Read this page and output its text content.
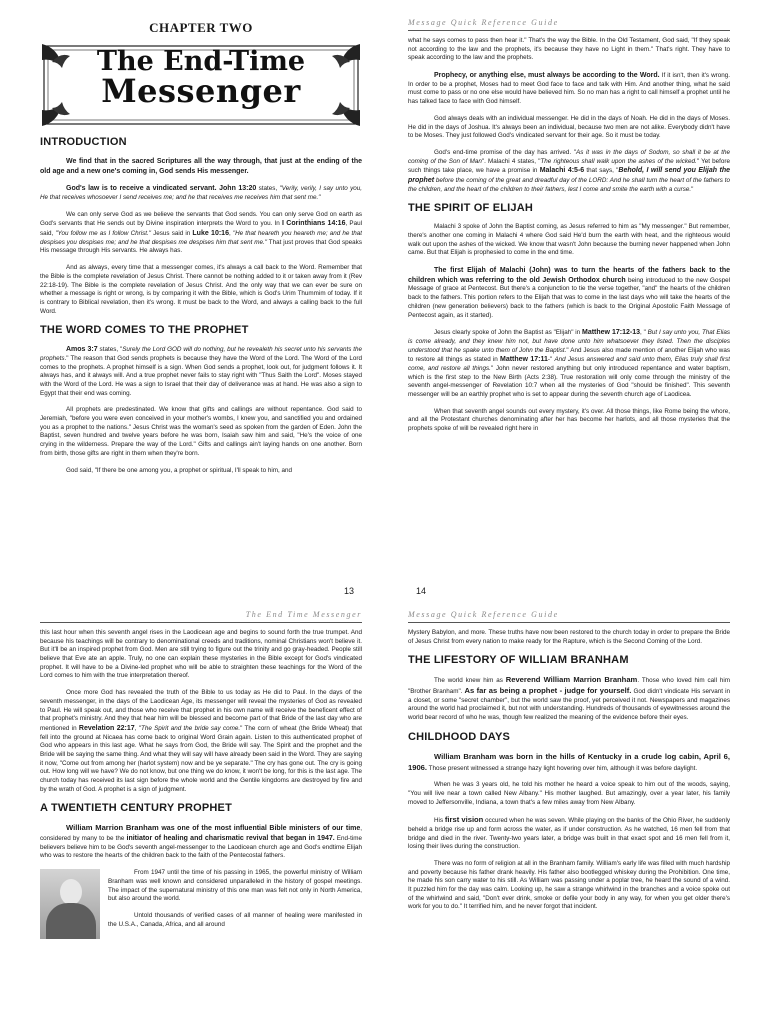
CHAPTER TWO
The End-Time
Messenger
INTRODUCTION

We find that in the sacred Scriptures all the way through, that just at the ending of the old age and a new one's coming in, God sends His messenger.

God's law is to receive a vindicated servant. John 13:20 states, "Verily, verily, I say unto you, He that receives whosoever I send receives me; and he that receives me receives him that sent me."

We can only serve God as we believe the servants that God sends. You can only serve God on earth as God's servants that He sends out by Divine inspiration interprets the Word to you. In I Corinthians 14:16, Paul said, "You follow me as I follow Christ." Jesus said in Luke 10:16, "He that heareth you heareth me; and he that despises you despises me; and he that despises me despises him that sent me." That just proves that God speaks His message through His servants. He always has.

And as always, every time that a messenger comes, it's always a call back to the Word. Remember that the Bible is the complete revelation of Jesus Christ. There cannot be nothing added to it or taken away from it (Rev 22:18-19). The Bible is the complete revelation of Jesus Christ. And the only way that we can ever be sure on whether a message is right or wrong, is by comparing it with the Bible, which is God's Urim Thummim of today. If it is contrary to Biblical revelation, then it's wrong. It must be back to the Word, and always a calling back to the full Word.

THE WORD COMES TO THE PROPHET

Amos 3:7 states, "Surely the Lord GOD will do nothing, but he revealeth his secret unto his servants the prophets." The reason that God sends prophets is because they have the Word of the Lord. The Word of the Lord comes to the prophets. A prophet himself is a sign. When God sends a prophet, look out, for judgment follows it. It always has, and it always will. And a true prophet never fails to stay right with "Thus Saith the Lord". Moses stayed with the Word of the Lord. He was a sign to Israel that their day of deliverance was at hand. He was also a sign to Egypt that their end was coming.

All prophets are predestinated. We know that gifts and callings are without repentance. God said to Jeremiah, "before you were even conceived in your mother's wombs, I knew you, and sanctified you and ordained you as a prophet to the nations." Jesus Christ was the woman's seed as spoken from the garden of Eden. John the Baptist, seven hundred and twelve years before he was born, Isaiah saw him and said, "He's the voice of one crying in the wilderness. Prepare the way of the Lord." Gifts and callings ain't laying hands on one another. Born from birth, those gifts are right in them when they're born.

God said, "If there be one among you, a prophet or spiritual, I'll speak to him, and

13
Message Quick Reference Guide

what he says comes to pass then hear it." That's the way the Bible. In the Old Testament, God said, "If they speak not according to the law and the prophets, it's because they have no Light in them." That's right. They have to speak according to the law and the prophets.

Prophecy, or anything else, must always be according to the Word. If it isn't, then it's wrong. In order to be a prophet, Moses had to meet God face to face and talk with Him. And another thing, what he said must come to pass or no one else would have believed him. So no man has a right to call himself a prophet until he has talked face to face with God himself.

God always deals with an individual messenger. He did in the days of Noah. He did in the days of Moses. He did in the days of Joshua. It's always been an individual, because two men are not alike. Everybody didn't have to be Moses. They just followed God's vindicated servant for their age. So it must be today.

God's end-time promise of the day has arrived. "As it was in the days of Sodom, so shall it be at the coming of the Son of Man". Malachi 4 states, "The righteous shall walk upon the ashes of the wicked." Yet before such things take place, we have a promise in Malachi 4:5-6 that says, "Behold, I will send you Elijah the prophet before the coming of the great and dreadful day of the LORD: And he shall turn the heart of the fathers to the children, and the heart of the children to their fathers, lest I come and smite the earth with a curse."

THE SPIRIT OF ELIJAH

Malachi 3 spoke of John the Baptist coming, as Jesus referred to him as "My messenger." But remember, there's another one coming in Malachi 4 where God said He'd burn the earth with heat, and the righteous would walk out upon the ashes of the wicked. We know that wasn't John because the burning never happened when John came. But that Elijah is prophesied to come in the end time.

The first Elijah of Malachi (John) was to turn the hearts of the fathers back to the children which was referring to the old Jewish Orthodox church being introduced to the new Gospel Message of grace at Pentecost. But there's a conjunction to tie the verse together, "and" the hearts of the children back to the fathers. This portion refers to the Elijah that was to come in the last days who will take the hearts of the children (new generation believers) back to the fathers (which is back to the Original Apostolic Faith Message of Pentecost again, as it started).

Jesus clearly spoke of John the Baptist as "Elijah" in Matthew 17:12-13, " But I say unto you, That Elias is come already, and they knew him not, but have done unto him whatsoever they listed. Then the disciples understood that he spake unto them of John the Baptist." And Jesus also made mention of another Elijah who was to restore all things as stated in Matthew 17:11-" And Jesus answered and said unto them, Elias truly shall first come, and restore all things." John never restored anything but only introduced repentance and water baptism, which is the first step to the New Birth (Acts 2:38). True restoration will only come through the ministry of the seventh angel-messenger of Revelation 10:7 when all the mysteries of God "should be finished". This seventh messenger will be an earthly prophet who is set to appear during the seventh church age of Laodicea.

When that seventh angel sounds out every mystery, it's over. All those things, like Rome being the whore, and all the Protestant churches denominating after her has become her harlots, and all those mysteries that the prophets spoke of will be revealed right here in

14
The End Time Messenger

this last hour when this seventh angel rises in the Laodicean age and begins to sound forth the true trumpet. And because his teachings will be contrary to denominational creeds and traditions, nominal Christians won't believe it. But it'll be an inspired prophet from God. Men are still trying to figure out the trinity and go gray-headed. People still believe that Eve ate an apple. Truly, no one can explain these mysteries in the Bible except for God's vindicated prophet. It will have to be a Divine-led prophet who will be able to straighten these teachings for the Word of the Lord comes to him with the true interpretation thereof.

Once more God has revealed the truth of the Bible to us today as He did to Paul. In the days of the seventh messenger, in the days of the Laodicean Age, its messenger will reveal the mysteries of God as revealed to Paul. He will speak out, and those who receive that prophet in his own name will receive the beneficent effect of that prophet's ministry. And they that hear him will be blessed and become part of that Bride of the last day who are mentioned in Revelation 22:17, "The Spirit and the bride say come." The corn of wheat (the Bride Wheat) that fell into the ground at Nicaea has come back to original Word Grain again. Listen to this authenticated prophet of God who appears in this last age. What he says from God, the Bride will say. The Spirit and the prophet and the Bride will be saying the same thing. And what they will say will have already been said in the Word. They are saying it now, "Come out from among her (harlot system) now and be ye separate." The cry has gone out. The cry is going out. How long will we have? We do not know, but one thing we do know, it won't be long, for this is the last age. The church today has received its last sign before the whole world and the Gentile kingdoms are destroyed by fire and by the wrath of God. A prophet is a sign of judgment.

A TWENTIETH CENTURY PROPHET

William Marrion Branham was one of the most influential Bible ministers of our time, considered by many to be the initiator of healing and charismatic revival that began in 1947. End-time believers believe him to be God's seventh angel-messenger to the Laodicean church age and God's endtime Elijah who was to restore the hearts of the children back to the faith of the Pentecostal fathers.

From 1947 until the time of his passing in 1965, the powerful ministry of William Branham was well known and considered unparalleled in the history of gospel meetings. The impact of the supernatural ministry of this one man was felt not only in North America, but also around the world.

Untold thousands of verified cases of all manner of healing were manifested in the U.S.A., Canada, Africa, and all around

Message Quick Reference Guide

Mystery Babylon, and more. These truths have now been restored to the church today in order to prepare the Bride of Jesus Christ from every nation to make ready for the Rapture, which is the Second Coming of the Lord.

THE LIFESTORY OF WILLIAM BRANHAM

The world knew him as Reverend William Marrion Branham. Those who loved him call him "Brother Branham". As far as being a prophet - judge for yourself. God didn't vindicate His servant in a closet, or some "secret chamber", but the world saw the proof, yet perceived it not. Newspapers and magazines around the world had proclaimed it, but not with understanding. Hundreds of thousands of eyewitnesses around the world bear record of who he was, though few realized the meaning of the evidence before their eyes.

CHILDHOOD DAYS

William Branham was born in the hills of Kentucky in a crude log cabin, April 6, 1906. Those present witnessed a strange hazy light hovering over him, although it was before daylight.

When he was 3 years old, he told his mother he heard a voice speak to him out of the woods, saying, "You will live near a town called New Albany." His mother laughed. But amazingly, over a year later, his family moved to Jeffersonville, Indiana, a town that's a few miles away from New Albany.

His first vision occured when he was seven. While playing on the banks of the Ohio River, he suddenly beheld a bridge rise up and form across the water, as if under construction. As he watched, 16 men fell from that bridge and died in the river. Twenty-two years later, a bridge was built in that exact spot and 16 men fell from it, losing their lives during the construction.

There was no form of religion at all in the Branham family. William's early life was filled with much hardship and poverty because his father drank heavily. His father also bootlegged whiskey during the Prohibition. One time, he made his son carry water to his still. As William was passing under a poplar tree, he heard the sound of a wind. It puzzled him for the day was calm. Looking up, he saw a strange whirlwind in the branches and a voice spoke out of the whirlwind and said, "Don't ever drink, smoke or defile your body in any way, for when you get older there's work for you to do." It terrified him, and he never forgot that incident.
